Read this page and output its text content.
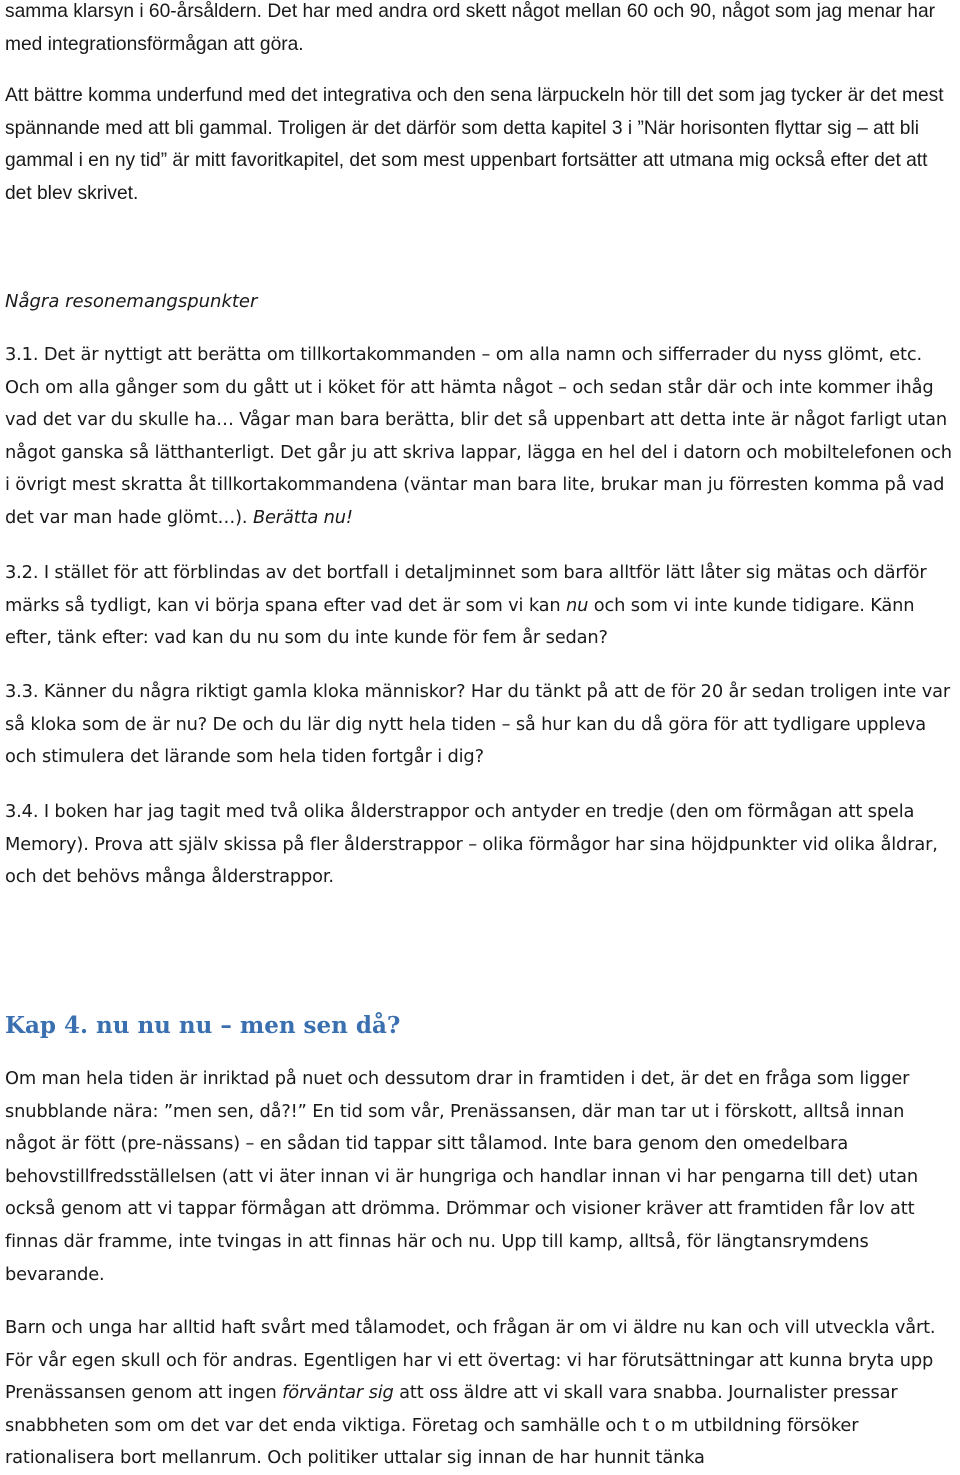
samma klarsyn i 60-årsåldern. Det har med andra ord skett något mellan 60 och 90, något som jag menar har med integrationsförmågan att göra.

Att bättre komma underfund med det integrativa och den sena lärpuckeln hör till det som jag tycker är det mest spännande med att bli gammal. Troligen är det därför som detta kapitel 3 i ”När horisonten flyttar sig – att bli gammal i en ny tid” är mitt favoritkapitel, det som mest uppenbart fortsätter att utmana mig också efter det att det blev skrivet.

Några resonemangspunkter

3.1. Det är nyttigt att berätta om tillkortakommanden – om alla namn och sifferrader du nyss glömt, etc. Och om alla gånger som du gått ut i köket för att hämta något – och sedan står där och inte kommer ihåg vad det var du skulle ha… Vågar man bara berätta, blir det så uppenbart att detta inte är något farligt utan något ganska så lätthanterligt. Det går ju att skriva lappar, lägga en hel del i datorn och mobiltelefonen och i övrigt mest skratta åt tillkortakommandena (väntar man bara lite, brukar man ju förresten komma på vad det var man hade glömt…). Berätta nu!

3.2. I stället för att förblindas av det bortfall i detaljminnet som bara alltför lätt låter sig mätas och därför märks så tydligt, kan vi börja spana efter vad det är som vi kan nu och som vi inte kunde tidigare. Känn efter, tänk efter: vad kan du nu som du inte kunde för fem år sedan?

3.3. Känner du några riktigt gamla kloka människor? Har du tänkt på att de för 20 år sedan troligen inte var så kloka som de är nu? De och du lär dig nytt hela tiden – så hur kan du då göra för att tydligare uppleva och stimulera det lärande som hela tiden fortgår i dig?

3.4. I boken har jag tagit med två olika ålderstrappor och antyder en tredje (den om förmågan att spela Memory). Prova att själv skissa på fler ålderstrappor – olika förmågor har sina höjdpunkter vid olika åldrar, och det behövs många ålderstrappor.

Kap 4. nu nu nu – men sen då?

Om man hela tiden är inriktad på nuet och dessutom drar in framtiden i det, är det en fråga som ligger snubblande nära: ”men sen, då?!” En tid som vår, Prenässansen, där man tar ut i förskott, alltså innan något är fött (pre-nässans) – en sådan tid tappar sitt tålamod. Inte bara genom den omedelbara behovstillfredsställelsen (att vi äter innan vi är hungriga och handlar innan vi har pengarna till det) utan också genom att vi tappar förmågan att drömma. Drömmar och visioner kräver att framtiden får lov att finnas där framme, inte tvingas in att finnas här och nu. Upp till kamp, alltså, för längtansrymdens bevarande.

Barn och unga har alltid haft svårt med tålamodet, och frågan är om vi äldre nu kan och vill utveckla vårt. För vår egen skull och för andras. Egentligen har vi ett övertag: vi har förutsättningar att kunna bryta upp Prenässansen genom att ingen förväntar sig att oss äldre att vi skall vara snabba. Journalister pressar snabbheten som om det var det enda viktiga. Företag och samhälle och t o m utbildning försöker rationalisera bort mellanrum. Och politiker uttalar sig innan de har hunnit tänka
